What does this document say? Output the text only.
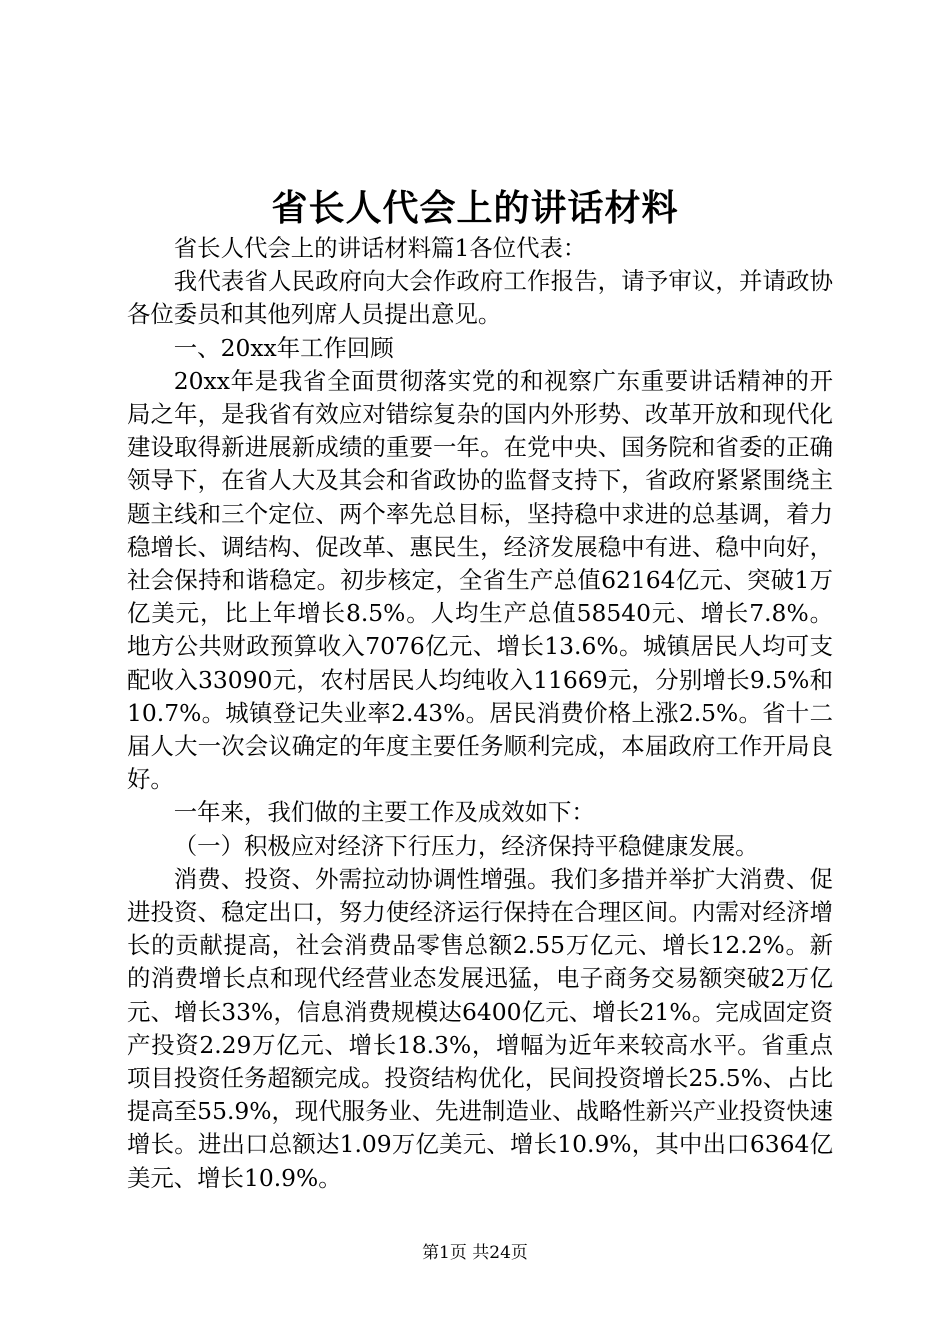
省长人代会上的讲话材料

省长人代会上的讲话材料篇1各位代表：

我代表省人民政府向大会作政府工作报告，请予审议，并请政协各位委员和其他列席人员提出意见。

一、20xx年工作回顾

20xx年是我省全面贯彻落实党的和视察广东重要讲话精神的开局之年，是我省有效应对错综复杂的国内外形势、改革开放和现代化建设取得新进展新成绩的重要一年。在党中央、国务院和省委的正确领导下，在省人大及其会和省政协的监督支持下，省政府紧紧围绕主题主线和三个定位、两个率先总目标，坚持稳中求进的总基调，着力稳增长、调结构、促改革、惠民生，经济发展稳中有进、稳中向好，社会保持和谐稳定。初步核定，全省生产总值62164亿元、突破1万亿美元，比上年增长8.5%。人均生产总值58540元、增长7.8%。地方公共财政预算收入7076亿元、增长13.6%。城镇居民人均可支配收入33090元，农村居民人均纯收入11669元，分别增长9.5%和10.7%。城镇登记失业率2.43%。居民消费价格上涨2.5%。省十二届人大一次会议确定的年度主要任务顺利完成，本届政府工作开局良好。

一年来，我们做的主要工作及成效如下：

（一）积极应对经济下行压力，经济保持平稳健康发展。

消费、投资、外需拉动协调性增强。我们多措并举扩大消费、促进投资、稳定出口，努力使经济运行保持在合理区间。内需对经济增长的贡献提高，社会消费品零售总额2.55万亿元、增长12.2%。新的消费增长点和现代经营业态发展迅猛，电子商务交易额突破2万亿元、增长33%，信息消费规模达6400亿元、增长21%。完成固定资产投资2.29万亿元、增长18.3%，增幅为近年来较高水平。省重点项目投资任务超额完成。投资结构优化，民间投资增长25.5%、占比提高至55.9%，现代服务业、先进制造业、战略性新兴产业投资快速增长。进出口总额达1.09万亿美元、增长10.9%，其中出口6364亿美元、增长10.9%。

第1页 共24页
